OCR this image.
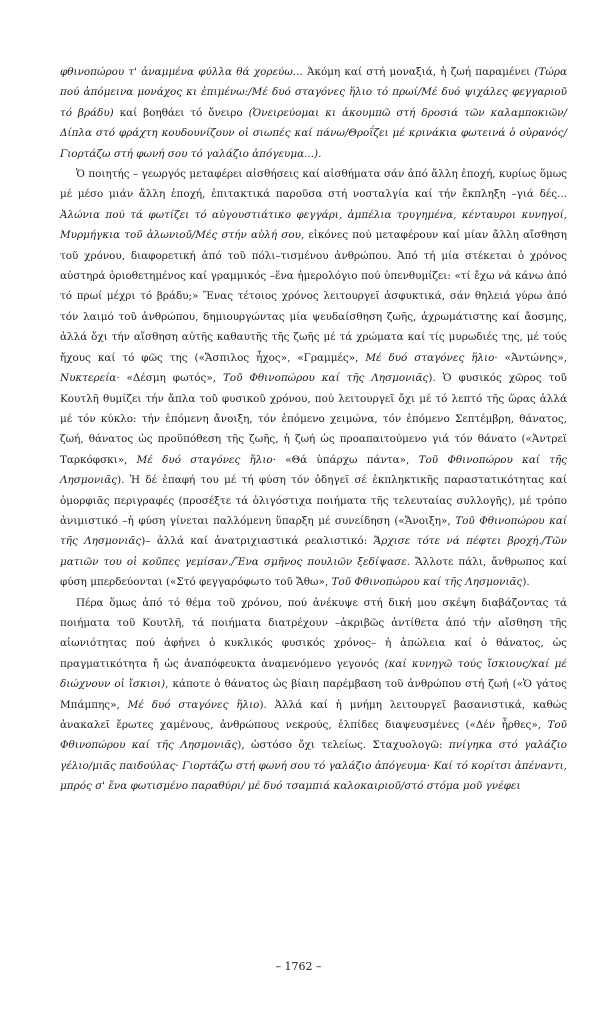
φθινοπώρου τ' ἀναμμένα φύλλα θά χορεύω... Ἀκόμη καί στή μοναξιά, ἡ ζωή παραμένει (Τώρα πού ἀπόμεινα μονάχος κι ἐπιμένω:/Μέ δυό σταγόνες ἥλιο τό πρωί/Μέ δυό ψιχάλες φεγγαριοῦ τό βράδυ) καί βοηθάει τό ὄνειρο (Ὀνειρεύομαι κι ἀκουμπῶ στή δροσιά τῶν καλαμποκιῶν/Δίπλα στό φράχτη κουδουνίζουν οἱ σιωπές καί πάνω/Θροΐζει μέ κρινάκια φωτεινά ὁ οὐρανός/Γιορτάζω στή φωνή σου τό γαλάζιο ἀπόγευμα...).

Ὁ ποιητής – γεωργός μεταφέρει αἰσθήσεις καί αἰσθήματα σάν ἀπό ἄλλη ἐποχή, κυρίως ὅμως μέ μέσο μιάν ἄλλη ἐποχή, ἐπιτακτικά παροῦσα στή νοσταλγία καί τήν ἔκπληξη –γιά δές... Ἀλώνια πού τά φωτίζει τό αὐγουστιάτικο φεγγάρι, ἀμπέλια τρυγημένα, κένταυροι κυνηγοί, Μυρμήγκια τοῦ ἀλωνιοῦ/Μές στήν αὐλή σου, εἰκόνες πού μεταφέρουν καί μίαν ἄλλη αἴσθηση τοῦ χρόνου, διαφορετική ἀπό τοῦ πόλι–τισμένου ἀνθρώπου. Ἀπό τή μία στέκεται ὁ χρόνος αὐστηρά ὁριοθετημένος καί γραμμικός –ἕνα ἡμερολόγιο πού ὑπενθυμίζει: «τί ἔχω νά κάνω ἀπό τό πρωί μέχρι τό βράδυ;» Ἕνας τέτοιος χρόνος λειτουργεῖ ἀσφυκτικά, σάν θηλειά γύρω ἀπό τόν λαιμό τοῦ ἀνθρώπου, δημιουργώντας μία ψευδαίσθηση ζωῆς, ἀχρωμάτιστης καί ἄοσμης, ἀλλά ὄχι τήν αἴσθηση αὐτῆς καθαυτῆς τῆς ζωῆς μέ τά χρώματα καί τίς μυρωδιές της, μέ τούς ἤχους καί τό φῶς της («Ἄσπιλος ἦχος», «Γραμμές», Μέ δυό σταγόνες ἥλιο· «Ἀντώνης», Νυκτερεία· «Δέσμη φωτός», Τοῦ Φθινοπώρου καί τῆς Λησμονιᾶς). Ὁ φυσικός χῶρος τοῦ Κουτλῆ θυμίζει τήν ἄπλα τοῦ φυσικοῦ χρόνου, πού λειτουργεῖ ὄχι μέ τό λεπτό τῆς ὥρας ἀλλά μέ τόν κύκλο: τήν ἑπόμενη ἄνοιξη, τόν ἑπόμενο χειμώνα, τόν ἑπόμενο Σεπτέμβρη, θάνατος, ζωή, θάνατος ὡς προϋπόθεση τῆς ζωῆς, ἡ ζωή ὡς προαπαιτούμενο γιά τόν θάνατο («Ἀντρεϊ Ταρκόφσκι», Μέ δυό σταγόνες ἥλιο· «Θά ὑπάρχω πάντα», Τοῦ Φθινοπώρου καί τῆς Λησμονιᾶς). Ἡ δέ ἐπαφή του μέ τή φύση τόν ὁδηγεῖ σέ ἐκπληκτικῆς παραστατικότητας καί ὀμορφιᾶς περιγραφές (προσέξτε τά ὀλιγόστιχα ποιήματα τῆς τελευταίας συλλογῆς), μέ τρόπο ἀνιμιστικό –ἡ φύση γίνεται παλλόμενη ὕπαρξη μέ συνείδηση («Ἄνοιξη», Τοῦ Φθινοπώρου καί τῆς Λησμονιᾶς)– ἀλλά καί ἀνατριχιαστικά ρεαλιστικό: Ἄρχισε τότε νά πέφτει βροχή./Τῶν ματιῶν του οἱ κοῦπες γεμίσαν./Ἕνα σμῆνος πουλιῶν ξεδίψασε. Ἄλλοτε πάλι, ἄνθρωπος καί φύση μπερδεύονται («Στό φεγγαρόφωτο τοῦ Ἄθω», Τοῦ Φθινοπώρου καί τῆς Λησμονιᾶς).

Πέρα ὅμως ἀπό τό θέμα τοῦ χρόνου, πού ἀνέκυψε στή δική μου σκέψη διαβάζοντας τά ποιήματα τοῦ Κουτλῆ, τά ποιήματα διατρέχουν –ἀκριβῶς ἀντίθετα ἀπό τήν αἴσθηση τῆς αἰωνιότητας πού ἀφήνει ὁ κυκλικός φυσικός χρόνος– ἡ ἀπώλεια καί ὁ θάνατος, ὡς πραγματικότητα ἤ ὡς ἀναπόφευκτα ἀναμενόμενο γεγονός (καί κυνηγῶ τούς ἴσκιους/καί μέ διώχνουν οἱ ἴσκιοι), κάποτε ὁ θάνατος ὡς βίαιη παρέμβαση τοῦ ἀνθρώπου στή ζωή («Ὁ γάτος Μπάμπης», Μέ δυό σταγόνες ἥλιο). Ἀλλά καί ἡ μνήμη λειτουργεῖ βασανιστικά, καθώς ἀνακαλεῖ ἔρωτες χαμένους, ἀνθρώπους νεκρούς, ἐλπίδες διαψευσμένες («Δέν ἦρθες», Τοῦ Φθινοπώρου καί τῆς Λησμονιᾶς), ὡστόσο ὄχι τελείως. Σταχυολογῶ: πνίγηκα στό γαλάζιο γέλιο/μιᾶς παιδούλας· Γιορτάζω στή φωνή σου τό γαλάζιο ἀπόγευμα· Καί τό κορίτσι ἀπέναντι, μπρός σ' ἕνα φωτισμένο παραθύρι/ μέ δυό τσαμπιά καλοκαιριοῦ/στό στόμα μοῦ γνέφει

– 1762 –
